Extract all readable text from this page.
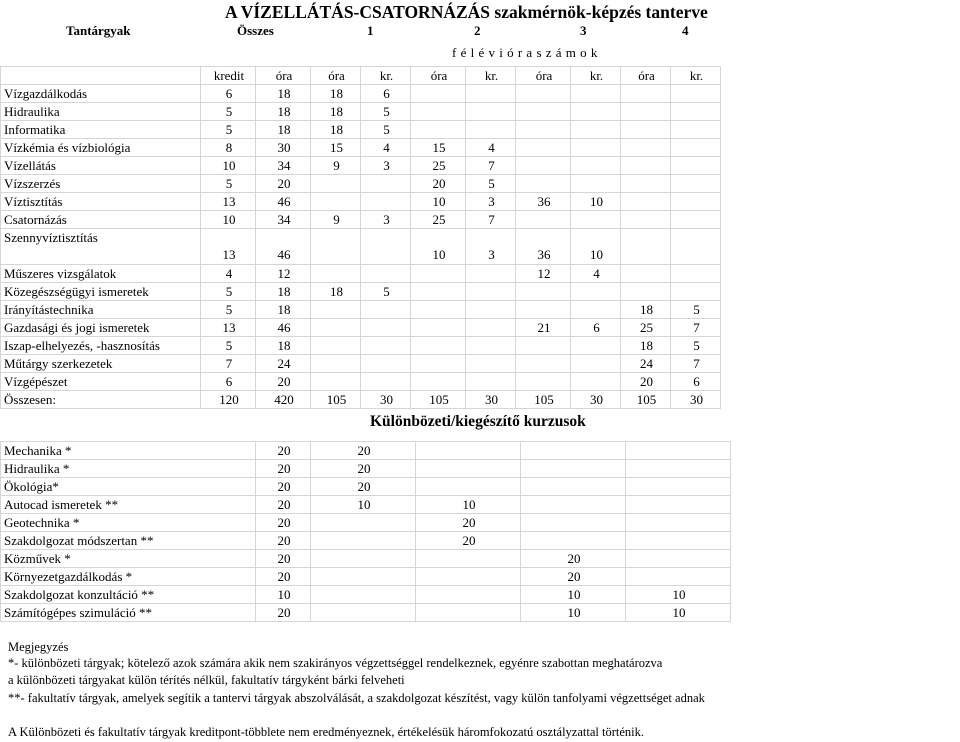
A VÍZELLÁTÁS-CSATORNÁZÁS szakmérnök-képzés tanterve
Tantárgyak	Összes	1	2	3	4
f é l é v i ó r a s z á m o k
	kredit	óra	óra	kr.	óra	kr.	óra	kr.	óra	kr.
Vízgazdálkodás	6	18	18	6						
Hidraulika	5	18	18	5						
Informatika	5	18	18	5						
Vízkémia és vízbiológia	8	30	15	4	15	4				
Vízellátás	10	34	9	3	25	7				
Vízszerzés	5	20			20	5				
Víztisztítás	13	46			10	3	36	10		
Csatornázás	10	34	9	3	25	7				
Szennyvíztisztítás	13	46			10	3	36	10		
Műszeres vizsgálatok	4	12					12	4		
Közegészségügyi ismeretek	5	18	18	5						
Irányítástechnika	5	18							18	5
Gazdasági és jogi ismeretek	13	46					21	6	25	7
Iszap-elhelyezés, -hasznosítás	5	18							18	5
Műtárgy szerkezetek	7	24							24	7
Vízgépészet	6	20							20	6
Összesen:	120	420	105	30	105	30	105	30	105	30
Különbözeti/kiegészítő kurzusok
Mechanika *	20	20			
Hidraulika *	20	20			
Ökológia*	20	20			
Autocad ismeretek **	20	10	10		
Geotechnika *	20		20		
Szakdolgozat módszertan **	20		20		
Közművek *	20			20	
Környezetgazdálkodás *	20			20	
Szakdolgozat konzultáció **	10			10	10
Számítógépes szimuláció **	20			10	10
Megjegyzés
*- különbözeti tárgyak; kötelező azok számára akik nem szakirányos végzettséggel rendelkeznek, egyénre szabottan meghatározva
a különbözeti tárgyakat külön térítés nélkül, fakultatív tárgyként bárki felveheti
**- fakultatív tárgyak, amelyek segítik a tantervi tárgyak abszolválását, a szakdolgozat készítést, vagy külön tanfolyami végzettséget adnak
A Különbözeti és fakultatív tárgyak kreditpont-többlete nem eredményeznek, értékelésük háromfokozatú osztályzattal történik.
